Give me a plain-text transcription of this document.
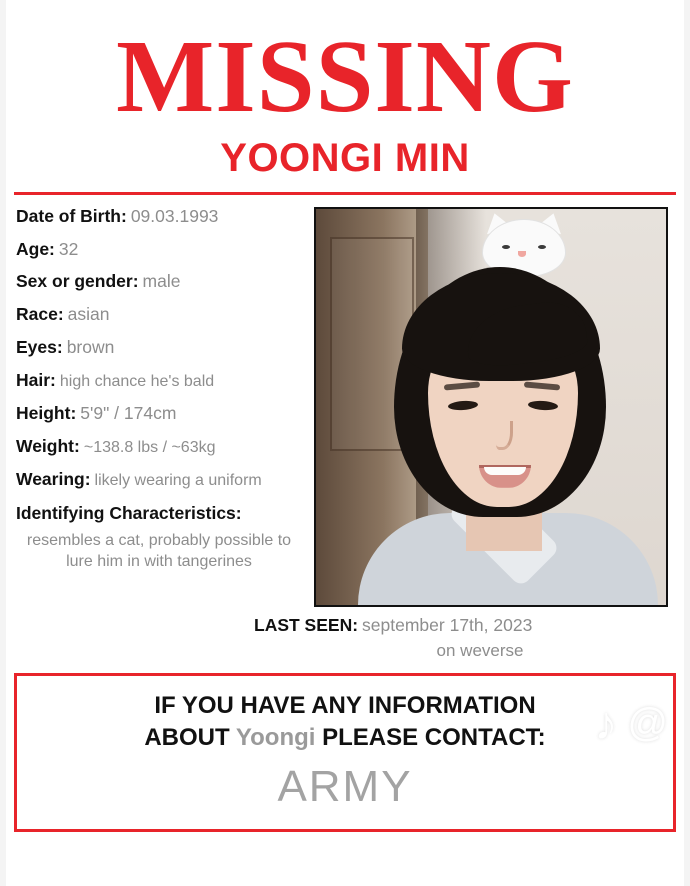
MISSING
YOONGI MIN
Date of Birth: 09.03.1993
Age: 32
Sex or gender: male
Race: asian
Eyes: brown
Hair: high chance he's bald
Height: 5'9" / 174cm
Weight: ~138.8 lbs / ~63kg
Wearing: likely wearing a uniform
Identifying Characteristics:
resembles a cat, probably possible to lure him in with tangerines
LAST SEEN: september 17th, 2023
on weverse
IF YOU HAVE ANY INFORMATION
ABOUT Yoongi PLEASE CONTACT:
ARMY
♪ @
